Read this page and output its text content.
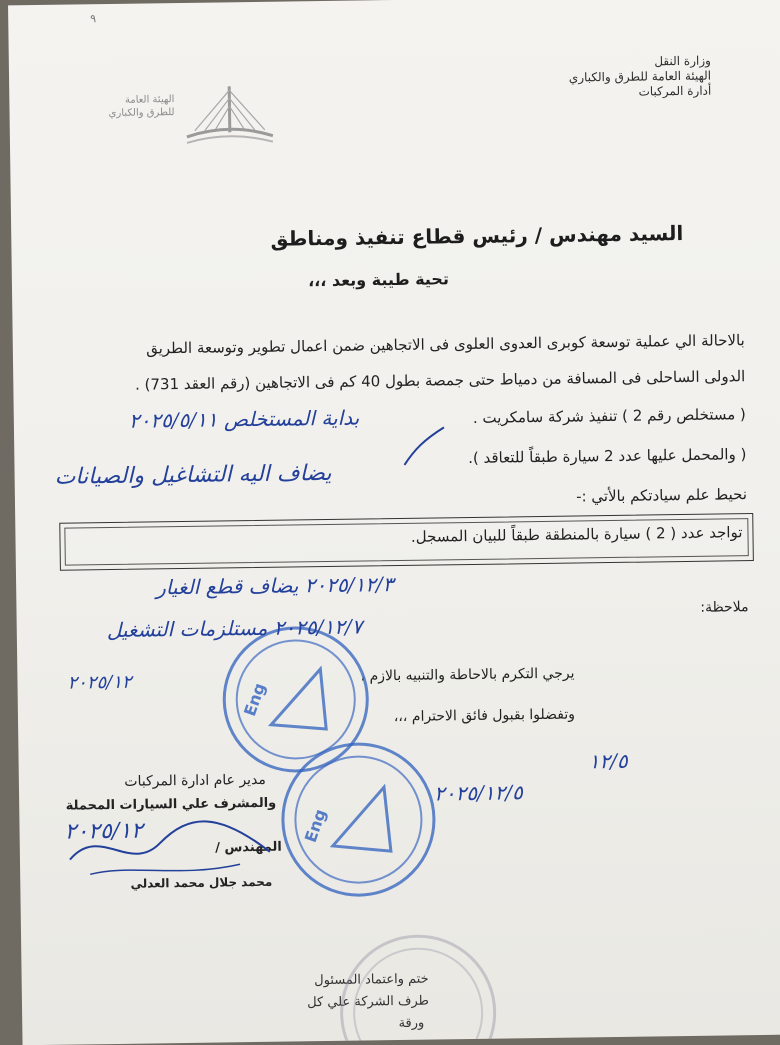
٩
وزارة النقل
الهيئة العامة للطرق والكباري
أدارة المركبات
الهيئة العامة
للطرق والكباري
السيد مهندس / رئيس قطاع تنفيذ ومناطق
تحية طيبة وبعد ،،،
بالاحالة الي عملية توسعة كوبرى العدوى العلوى فى الاتجاهين ضمن اعمال تطوير وتوسعة الطريق
الدولى الساحلى فى المسافة من دمياط حتى جمصة بطول 40 كم فى الاتجاهين (رقم العقد 731) .
( مستخلص رقم 2 ) تنفيذ شركة سامكريت .
( والمحمل عليها عدد 2 سيارة طبقاً للتعاقد ).
نحيط علم سيادتكم بالأتي :-
تواجد عدد ( 2 ) سيارة بالمنطقة طبقاً للبيان المسجل.
ملاحظة:
يرجي التكرم بالاحاطة والتنبيه بالازم ،
وتفضلوا بقبول فائق الاحترام ،،،
مدير عام ادارة المركبات
والمشرف علي السيارات المحملة
المهندس /
محمد جلال محمد العدلي
ختم واعتماد المسئول
طرف الشركة علي كل
ورقة
Eng
Eng
بداية المستخلص ٢٠٢٥/٥/١١
يضاف اليه التشاغيل والصيانات
٢٠٢٥/١٢/٣ يضاف قطع الغيار
٢٠٢٥/١٢/٧ مستلزمات التشغيل
٢٠٢٥/١٢
٢٠٢٥/١٢
١٢/٥
٢٠٢٥/١٢/٥
